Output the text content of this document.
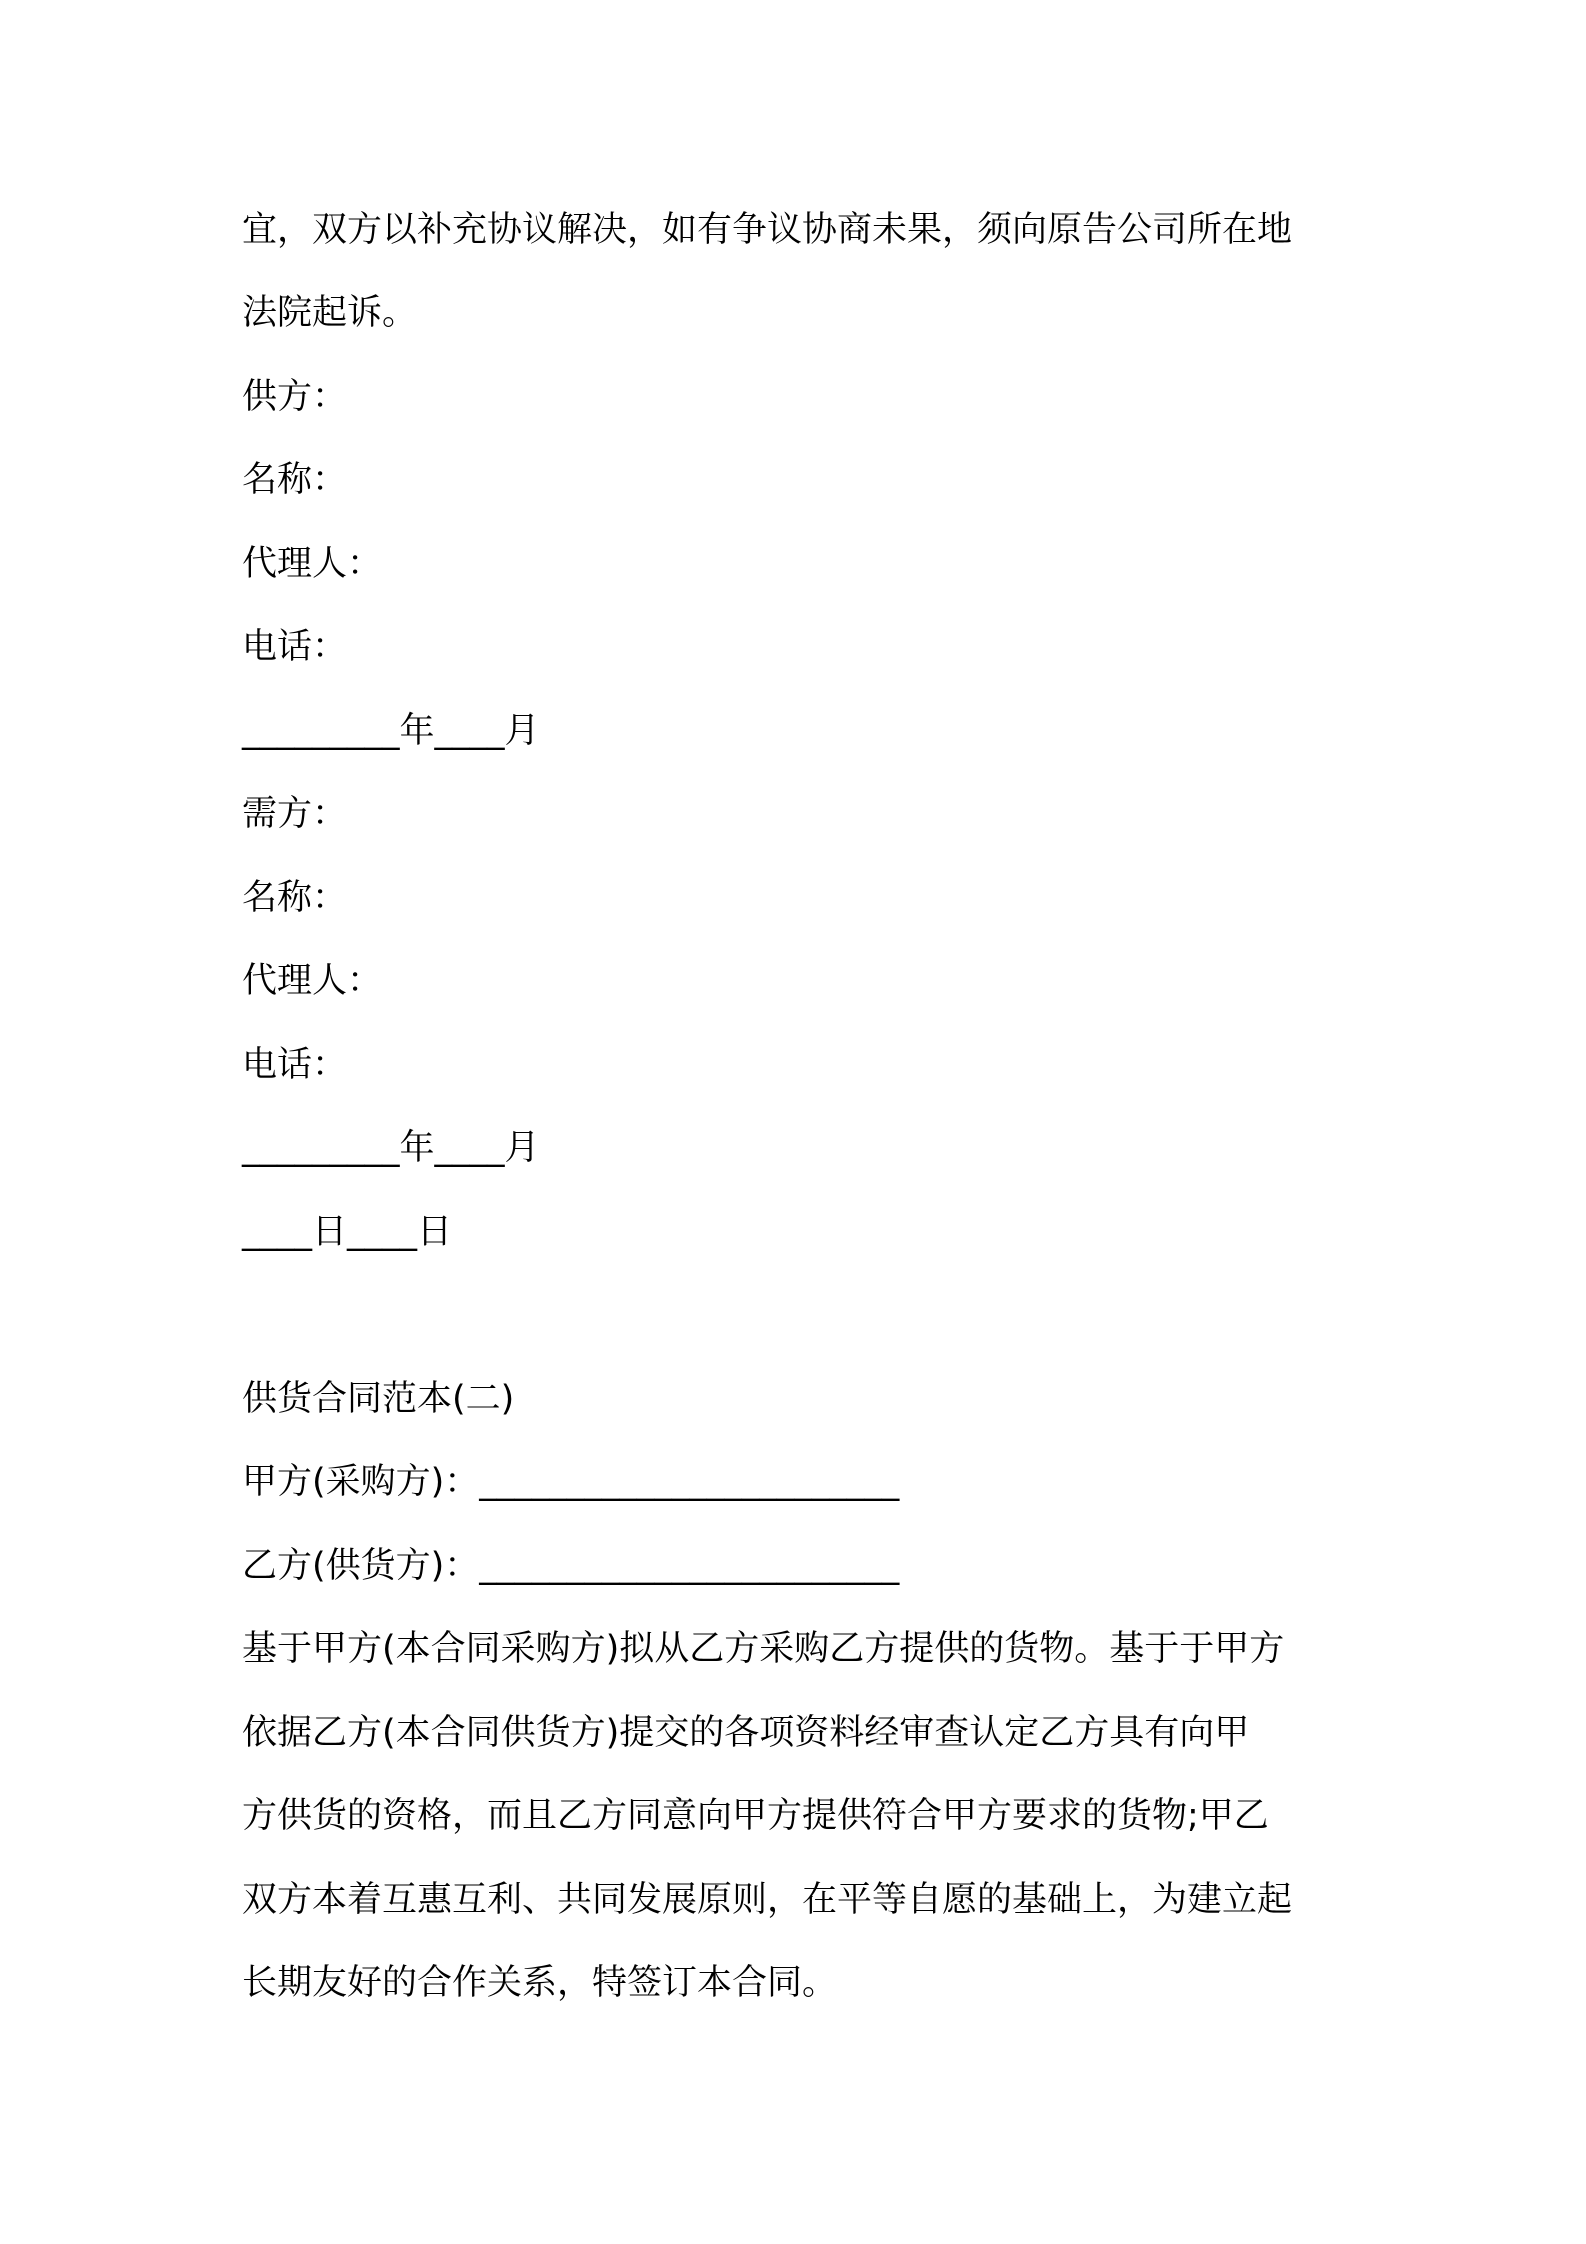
宜，双方以补充协议解决，如有争议协商未果，须向原告公司所在地
法院起诉。
供方：
名称：
代理人：
电话：
_________年____月
需方：
名称：
代理人：
电话：
_________年____月
____日____日
供货合同范本(二)
甲方(采购方)：________________________
乙方(供货方)：________________________
基于甲方(本合同采购方)拟从乙方采购乙方提供的货物。基于于甲方
依据乙方(本合同供货方)提交的各项资料经审查认定乙方具有向甲
方供货的资格，而且乙方同意向甲方提供符合甲方要求的货物;甲乙
双方本着互惠互利、共同发展原则，在平等自愿的基础上，为建立起
长期友好的合作关系，特签订本合同。
